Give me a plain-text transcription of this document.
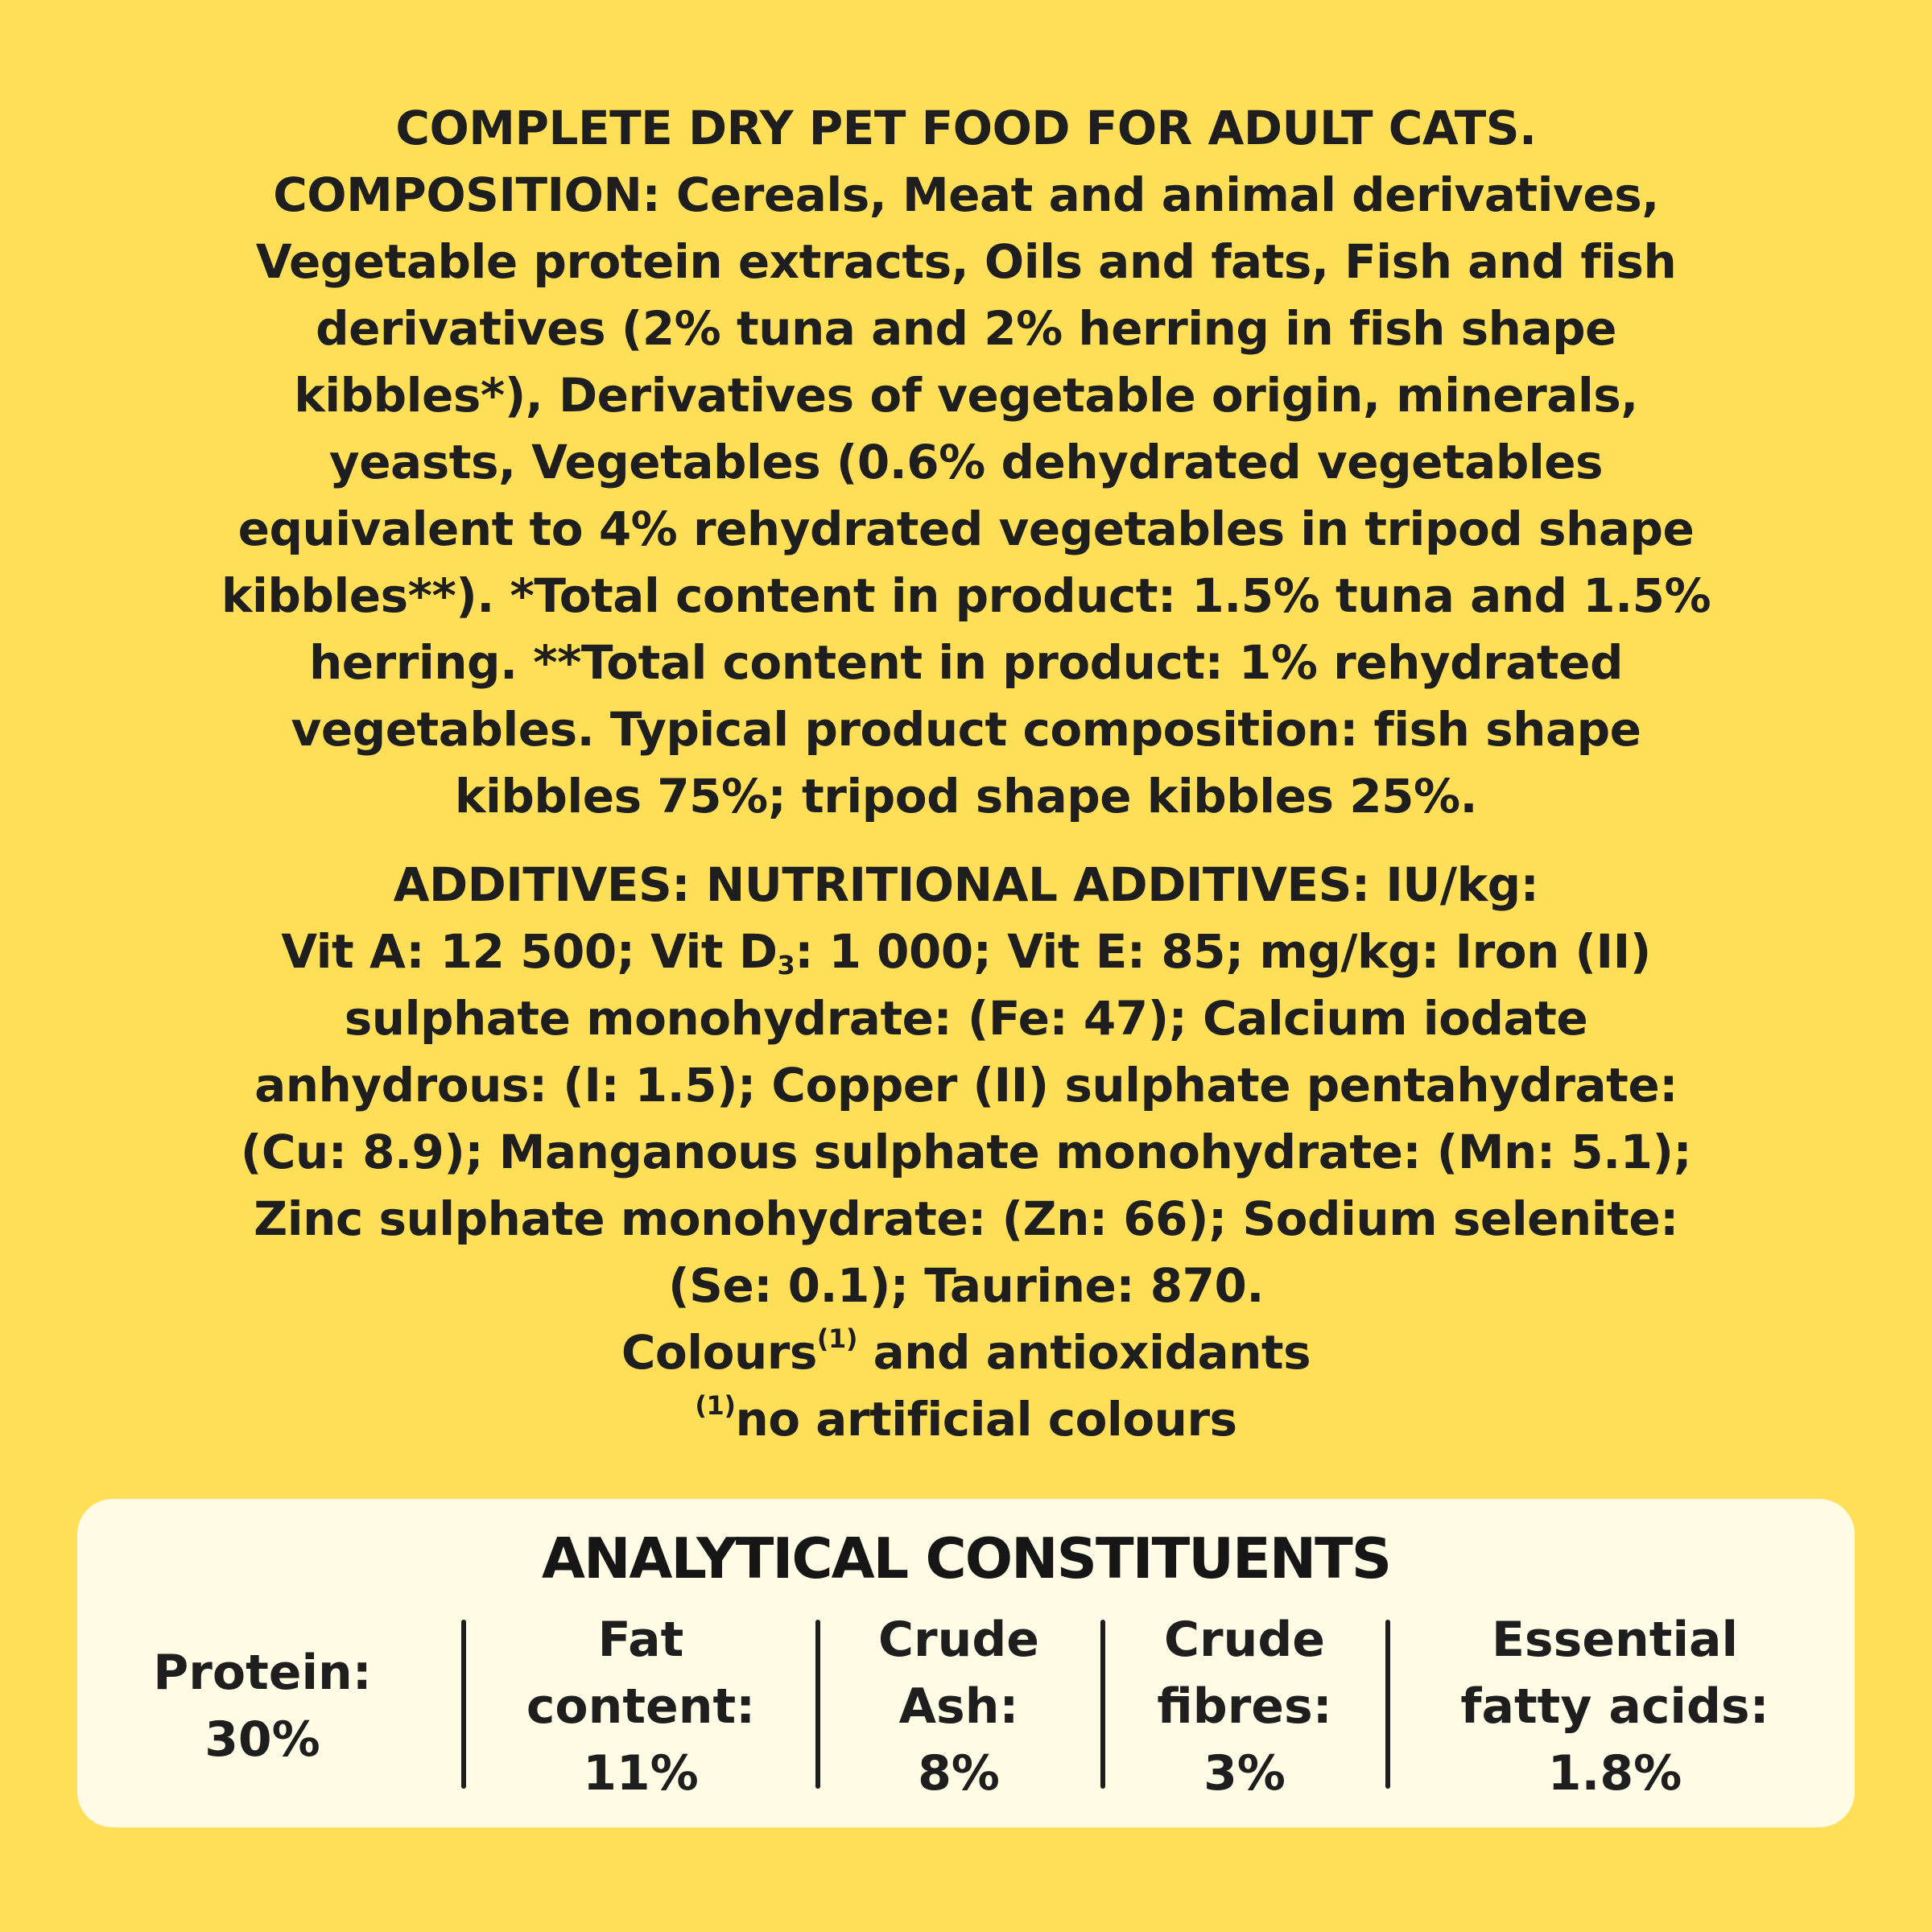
COMPLETE DRY PET FOOD FOR ADULT CATS.
COMPOSITION: Cereals, Meat and animal derivatives,
Vegetable protein extracts, Oils and fats, Fish and fish
derivatives (2% tuna and 2% herring in fish shape
kibbles*), Derivatives of vegetable origin, minerals,
yeasts, Vegetables (0.6% dehydrated vegetables
equivalent to 4% rehydrated vegetables in tripod shape
kibbles**). *Total content in product: 1.5% tuna and 1.5%
herring. **Total content in product: 1% rehydrated
vegetables. Typical product composition: fish shape
kibbles 75%; tripod shape kibbles 25%.
ADDITIVES: NUTRITIONAL ADDITIVES: IU/kg:
Vit A: 12 500; Vit $D_3$: 1 000; Vit E: 85; mg/kg: Iron (II)
sulphate monohydrate: (Fe: 47); Calcium iodate
anhydrous: (I: 1.5); Copper (II) sulphate pentahydrate:
(Cu: 8.9); Manganous sulphate monohydrate: (Mn: 5.1);
Zinc sulphate monohydrate: (Zn: 66); Sodium selenite:
(Se: 0.1); Taurine: 870.
Colours$^{(1)}$ and antioxidants
$^{(1)}$no artificial colours
ANALYTICAL CONSTITUENTS
Protein:
30%
Fat
content:
11%
Crude
Ash:
8%
Crude
fibres:
3%
Essential
fatty acids:
1.8%
